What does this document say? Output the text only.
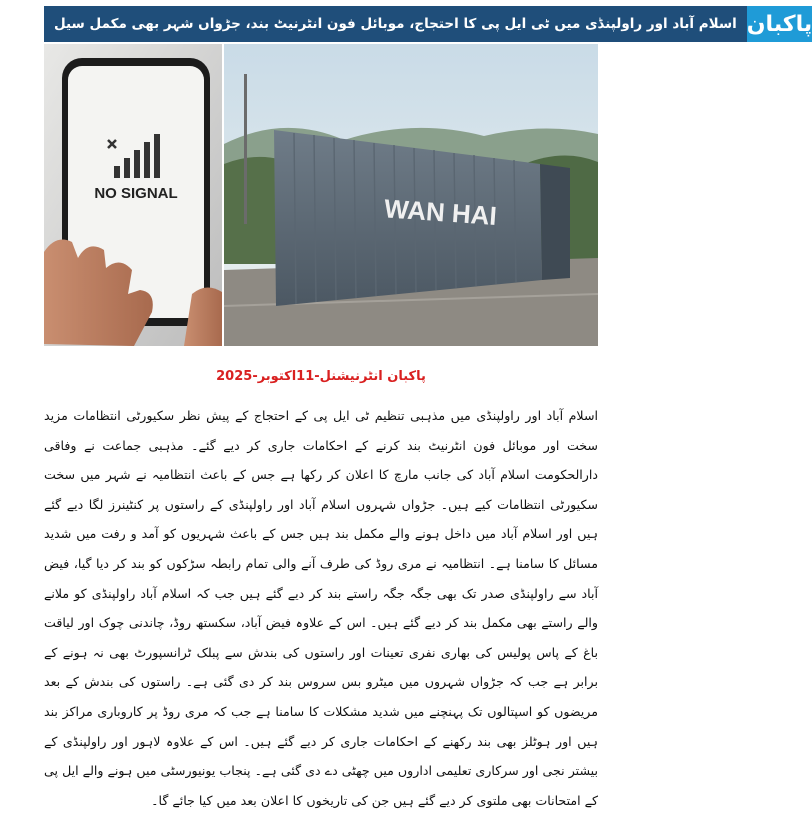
اسلام آباد اور راولپنڈی میں ٹی ایل پی کا احتجاج، موبائل فون انٹرنیٹ بند، جڑواں شہر بھی مکمل سیل پاکبان
NO SIGNAL	WAN HAI
پاکبان انٹرنیشنل-11اکتوبر-2025

اسلام آباد اور راولپنڈی میں مذہبی تنظیم ٹی ایل پی کے احتجاج کے پیش نظر سکیورٹی انتظامات مزید سخت اور موبائل فون انٹرنیٹ بند کرنے کے احکامات جاری کر دیے گئے۔ مذہبی جماعت نے وفاقی دارالحکومت اسلام آباد کی جانب مارچ کا اعلان کر رکھا ہے جس کے باعث انتظامیہ نے شہر میں سخت سکیورٹی انتظامات کیے ہیں۔ جڑواں شہروں اسلام آباد اور راولپنڈی کے راستوں پر کنٹینرز لگا دیے گئے ہیں اور اسلام آباد میں داخل ہونے والے مکمل بند ہیں جس کے باعث شہریوں کو آمد و رفت میں شدید مسائل کا سامنا ہے۔ انتظامیہ نے مری روڈ کی طرف آنے والی تمام رابطہ سڑکوں کو بند کر دیا گیا، فیض آباد سے راولپنڈی صدر تک بھی جگہ جگہ راستے بند کر دیے گئے ہیں جب کہ اسلام آباد راولپنڈی کو ملانے والے راستے بھی مکمل بند کر دیے گئے ہیں۔ اس کے علاوہ فیض آباد، سکستھ روڈ، چاندنی چوک اور لیاقت باغ کے پاس پولیس کی بھاری نفری تعینات اور راستوں کی بندش سے پبلک ٹرانسپورٹ بھی نہ ہونے کے برابر ہے جب کہ جڑواں شہروں میں میٹرو بس سروس بند کر دی گئی ہے۔ راستوں کی بندش کے بعد مریضوں کو اسپتالوں تک پہنچنے میں شدید مشکلات کا سامنا ہے جب کہ مری روڈ پر کاروباری مراکز بند ہیں اور ہوٹلز بھی بند رکھنے کے احکامات جاری کر دیے گئے ہیں۔ اس کے علاوہ لاہور اور راولپنڈی کے بیشتر نجی اور سرکاری تعلیمی اداروں میں چھٹی دے دی گئی ہے۔ پنجاب یونیورسٹی میں ہونے والے ایل پی کے امتحانات بھی ملتوی کر دیے گئے ہیں جن کی تاریخوں کا اعلان بعد میں کیا جائے گا۔
